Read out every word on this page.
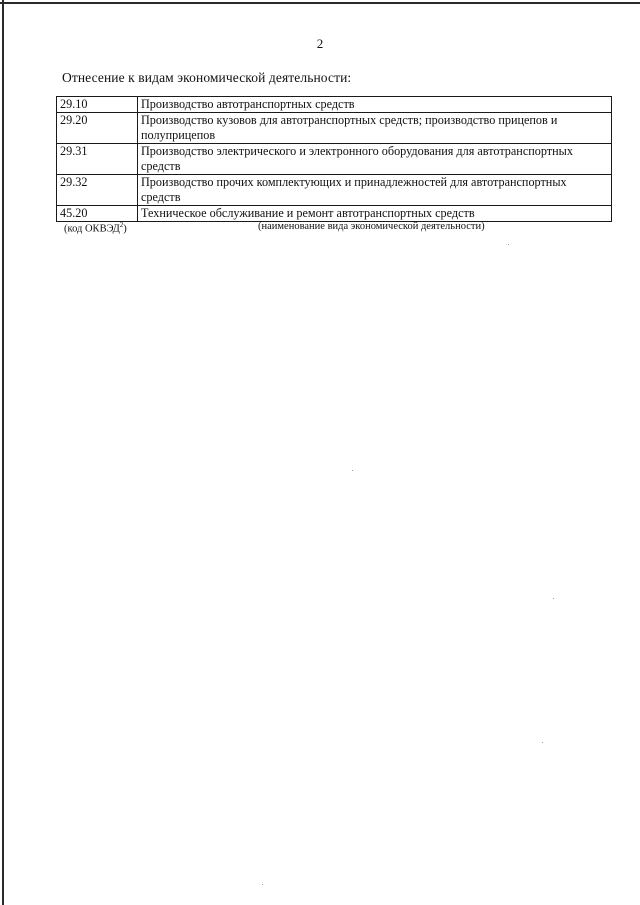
2
Отнесение к видам экономической деятельности:
29.10	Производство автотранспортных средств
29.20	Производство кузовов для автотранспортных средств; производство прицепов и полуприцепов
29.31	Производство электрического и электронного оборудования для автотранспортных средств
29.32	Производство прочих комплектующих и принадлежностей для автотранспортных средств
45.20	Техническое обслуживание и ремонт автотранспортных средств
(код ОКВЭД$^2$)	(наименование вида экономической деятельности)
